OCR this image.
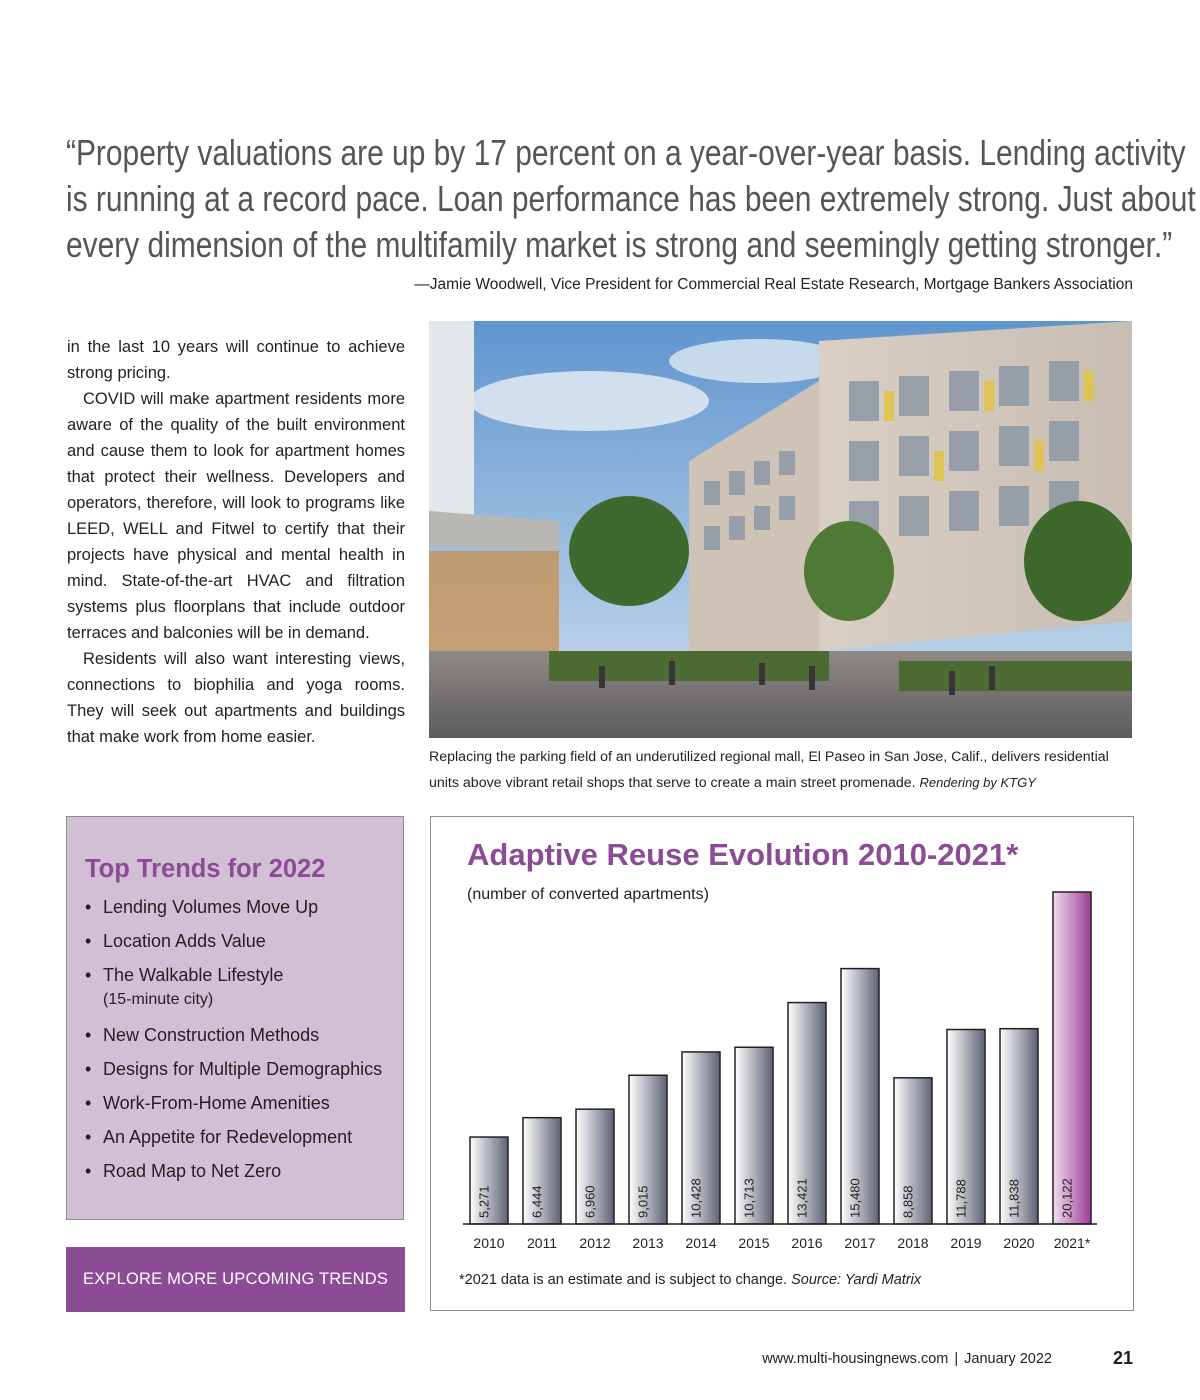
“Property valuations are up by 17 percent on a year-over-year basis. Lending activity
is running at a record pace. Loan performance has been extremely strong. Just about
every dimension of the multifamily market is strong and seemingly getting stronger.”
—Jamie Woodwell, Vice President for Commercial Real Estate Research, Mortgage Bankers Association

in the last 10 years will continue to achieve strong pricing.

COVID will make apartment residents more aware of the quality of the built environment and cause them to look for apartment homes that protect their wellness. Developers and operators, therefore, will look to programs like LEED, WELL and Fitwel to certify that their projects have physical and mental health in mind. State-of-the-art HVAC and filtration systems plus floorplans that include outdoor terraces and balconies will be in demand.

Residents will also want interesting views, connections to biophilia and yoga rooms. They will seek out apartments and buildings that make work from home easier.

Replacing the parking field of an underutilized regional mall, El Paseo in San Jose, Calif., delivers residential units above vibrant retail shops that serve to create a main street promenade. Rendering by KTGY
Top Trends for 2022
• Lending Volumes Move Up
• Location Adds Value
• The Walkable Lifestyle
(15-minute city)
• New Construction Methods
• Designs for Multiple Demographics
• Work-From-Home Amenities
• An Appetite for Redevelopment
• Road Map to Net Zero
EXPLORE MORE UPCOMING TRENDS
Adaptive Reuse Evolution 2010-2021*
(number of converted apartments)
5,271
2010
6,444
2011
6,960
2012
9,015
2013
10,428
2014
10,713
2015
13,421
2016
15,480
2017
8,858
2018
11,788
2019
11,838
2020
20,122
2021*
*2021 data is an estimate and is subject to change. Source: Yardi Matrix
www.multi-housingnews.com | January 2022	21
